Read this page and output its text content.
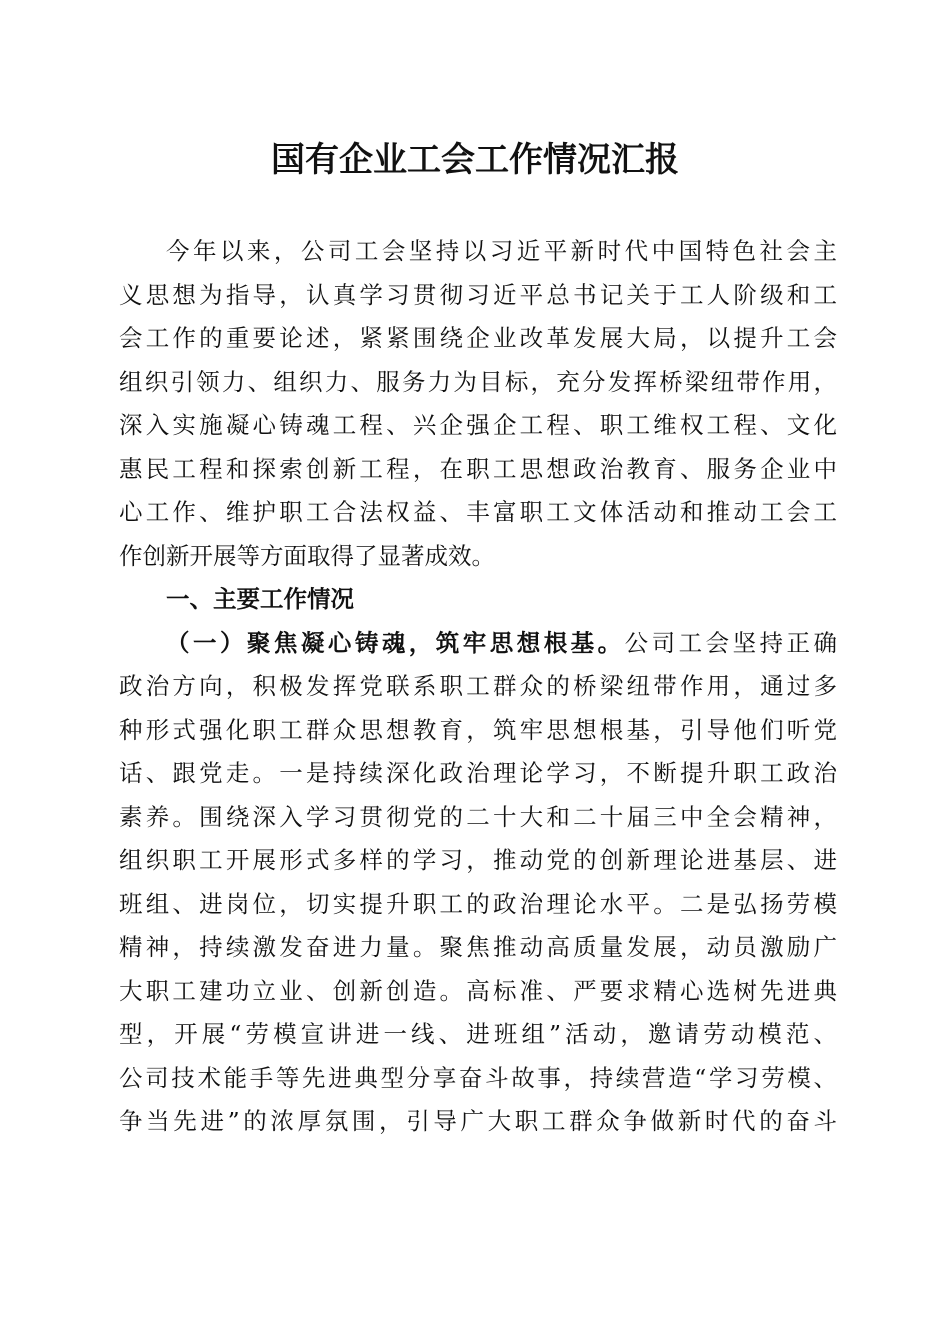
国有企业工会工作情况汇报
今年以来，公司工会坚持以习近平新时代中国特色社会主
义思想为指导，认真学习贯彻习近平总书记关于工人阶级和工
会工作的重要论述，紧紧围绕企业改革发展大局，以提升工会
组织引领力、组织力、服务力为目标，充分发挥桥梁纽带作用，
深入实施凝心铸魂工程、兴企强企工程、职工维权工程、文化
惠民工程和探索创新工程，在职工思想政治教育、服务企业中
心工作、维护职工合法权益、丰富职工文体活动和推动工会工
作创新开展等方面取得了显著成效。
一、主要工作情况
（一）聚焦凝心铸魂，筑牢思想根基。公司工会坚持正确
政治方向，积极发挥党联系职工群众的桥梁纽带作用，通过多
种形式强化职工群众思想教育，筑牢思想根基，引导他们听党
话、跟党走。一是持续深化政治理论学习，不断提升职工政治
素养。围绕深入学习贯彻党的二十大和二十届三中全会精神，
组织职工开展形式多样的学习，推动党的创新理论进基层、进
班组、进岗位，切实提升职工的政治理论水平。二是弘扬劳模
精神，持续激发奋进力量。聚焦推动高质量发展，动员激励广
大职工建功立业、创新创造。高标准、严要求精心选树先进典
型，开展“劳模宣讲进一线、进班组”活动，邀请劳动模范、
公司技术能手等先进典型分享奋斗故事，持续营造“学习劳模、
争当先进”的浓厚氛围，引导广大职工群众争做新时代的奋斗
